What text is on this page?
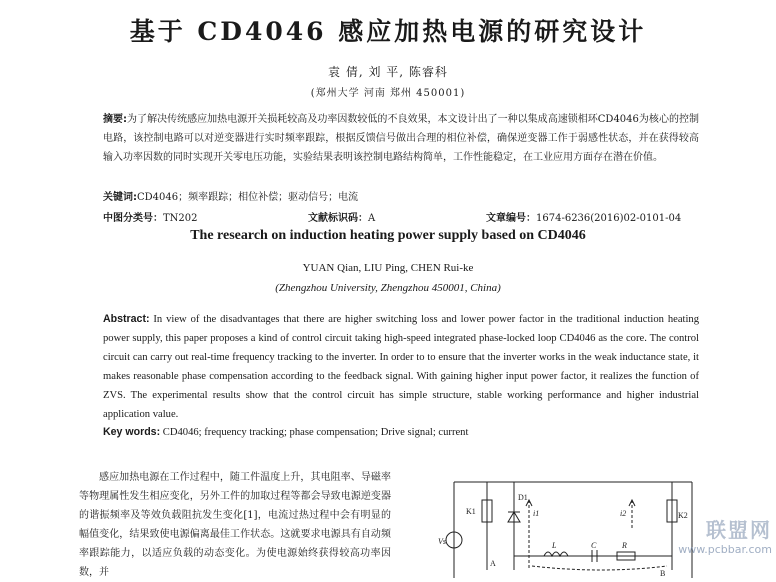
基于 CD4046 感应加热电源的研究设计
袁 倩, 刘 平, 陈睿科
(郑州大学 河南 郑州 450001)
摘要:为了解决传统感应加热电源开关损耗较高及功率因数较低的不良效果，本文设计出了一种以集成高速锁相环CD4046为核心的控制电路，该控制电路可以对逆变器进行实时频率跟踪，根据反馈信号做出合理的相位补偿，确保逆变器工作于弱感性状态，并在获得较高输入功率因数的同时实现开关零电压功能，实验结果表明该控制电路结构简单，工作性能稳定，在工业应用方面存在潜在价值。
关键词:CD4046；频率跟踪；相位补偿；驱动信号；电流
中图分类号：TN202	文献标识码：A	文章编号：1674-6236(2016)02-0101-04
The research on induction heating power supply based on CD4046
YUAN Qian, LIU Ping, CHEN Rui-ke
(Zhengzhou University, Zhengzhou 450001, China)
Abstract: In view of the disadvantages that there are higher switching loss and lower power factor in the traditional induction heating power supply, this paper proposes a kind of control circuit taking high-speed integrated phase-locked loop CD4046 as the core. The control circuit can carry out real-time frequency tracking to the inverter. In order to to ensure that the inverter works in the weak inductance state, it makes reasonable phase compensation according to the feedback signal. With gaining higher input power factor, it realizes the function of ZVS. The experimental results show that the control circuit has simple structure, stable working performance and higher industrial application value.
Key words: CD4046; frequency tracking; phase compensation; Drive signal; current
感应加热电源在工作过程中，随工件温度上升，其电阻率、导磁率等物理属性发生相应变化，另外工件的加取过程等都会导致电源逆变器的谐振频率及等效负载阻抗发生变化[1]，电流过热过程中会有明显的幅值变化，结果致使电源偏离最佳工作状态。这就要求电源具有自动频率跟踪能力，以适应负载的动态变化。为使电源始终获得较高功率因数，并
K1	K2
D1
Vs
i1	i2
A
B
L	C	R
联盟网
www.pcbbar.com
